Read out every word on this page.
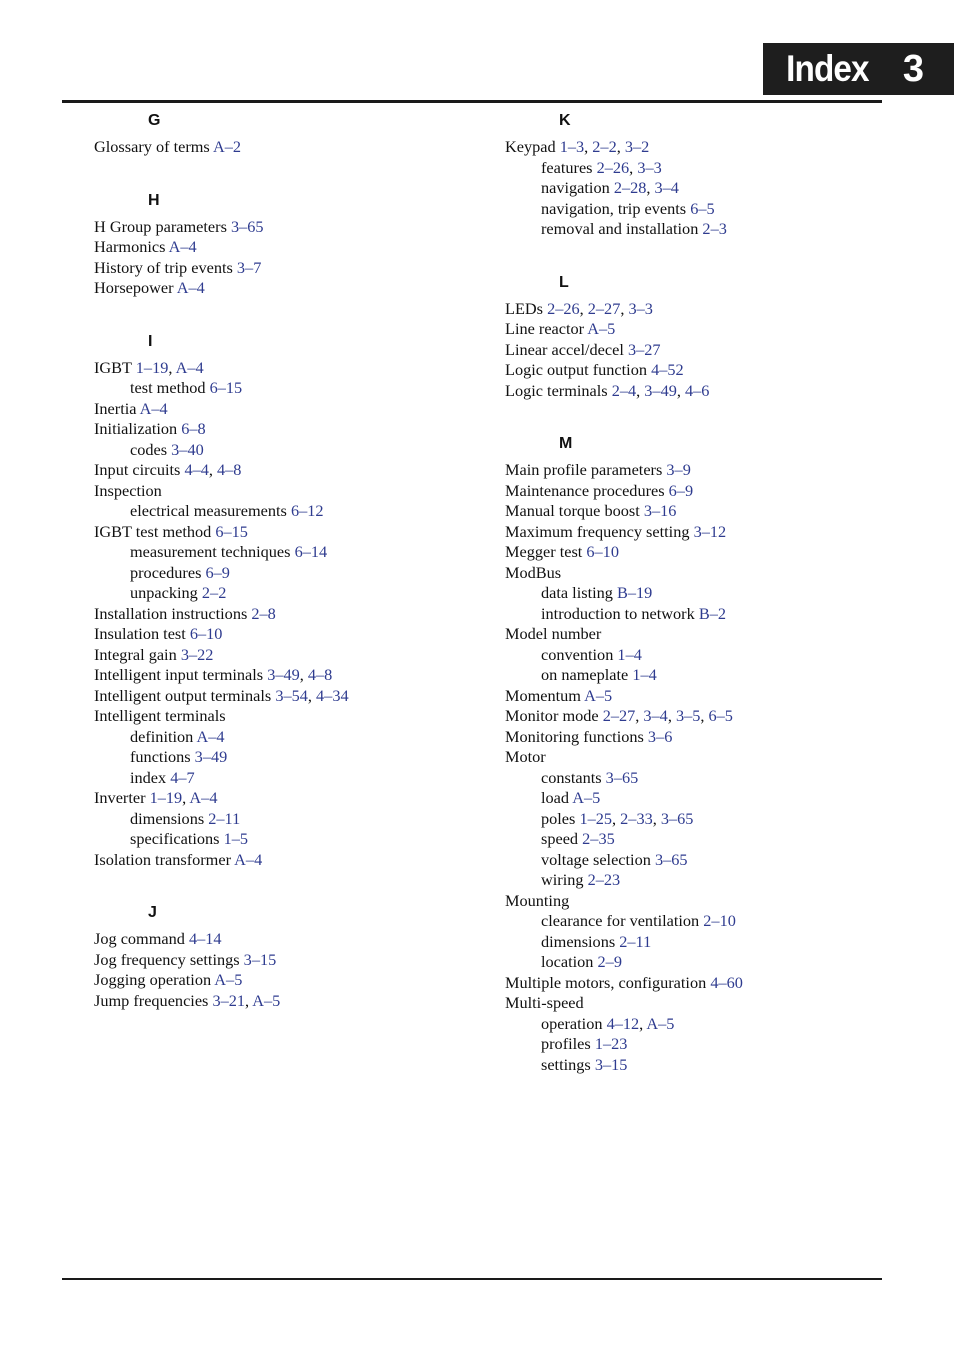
Index 3
G
Glossary of terms A–2
H
H Group parameters 3–65
Harmonics A–4
History of trip events 3–7
Horsepower A–4
I
IGBT 1–19, A–4
test method 6–15
Inertia A–4
Initialization 6–8
codes 3–40
Input circuits 4–4, 4–8
Inspection
electrical measurements 6–12
IGBT test method 6–15
measurement techniques 6–14
procedures 6–9
unpacking 2–2
Installation instructions 2–8
Insulation test 6–10
Integral gain 3–22
Intelligent input terminals 3–49, 4–8
Intelligent output terminals 3–54, 4–34
Intelligent terminals
definition A–4
functions 3–49
index 4–7
Inverter 1–19, A–4
dimensions 2–11
specifications 1–5
Isolation transformer A–4
J
Jog command 4–14
Jog frequency settings 3–15
Jogging operation A–5
Jump frequencies 3–21, A–5
K
Keypad 1–3, 2–2, 3–2
features 2–26, 3–3
navigation 2–28, 3–4
navigation, trip events 6–5
removal and installation 2–3
L
LEDs 2–26, 2–27, 3–3
Line reactor A–5
Linear accel/decel 3–27
Logic output function 4–52
Logic terminals 2–4, 3–49, 4–6
M
Main profile parameters 3–9
Maintenance procedures 6–9
Manual torque boost 3–16
Maximum frequency setting 3–12
Megger test 6–10
ModBus
data listing B–19
introduction to network B–2
Model number
convention 1–4
on nameplate 1–4
Momentum A–5
Monitor mode 2–27, 3–4, 3–5, 6–5
Monitoring functions 3–6
Motor
constants 3–65
load A–5
poles 1–25, 2–33, 3–65
speed 2–35
voltage selection 3–65
wiring 2–23
Mounting
clearance for ventilation 2–10
dimensions 2–11
location 2–9
Multiple motors, configuration 4–60
Multi-speed
operation 4–12, A–5
profiles 1–23
settings 3–15
